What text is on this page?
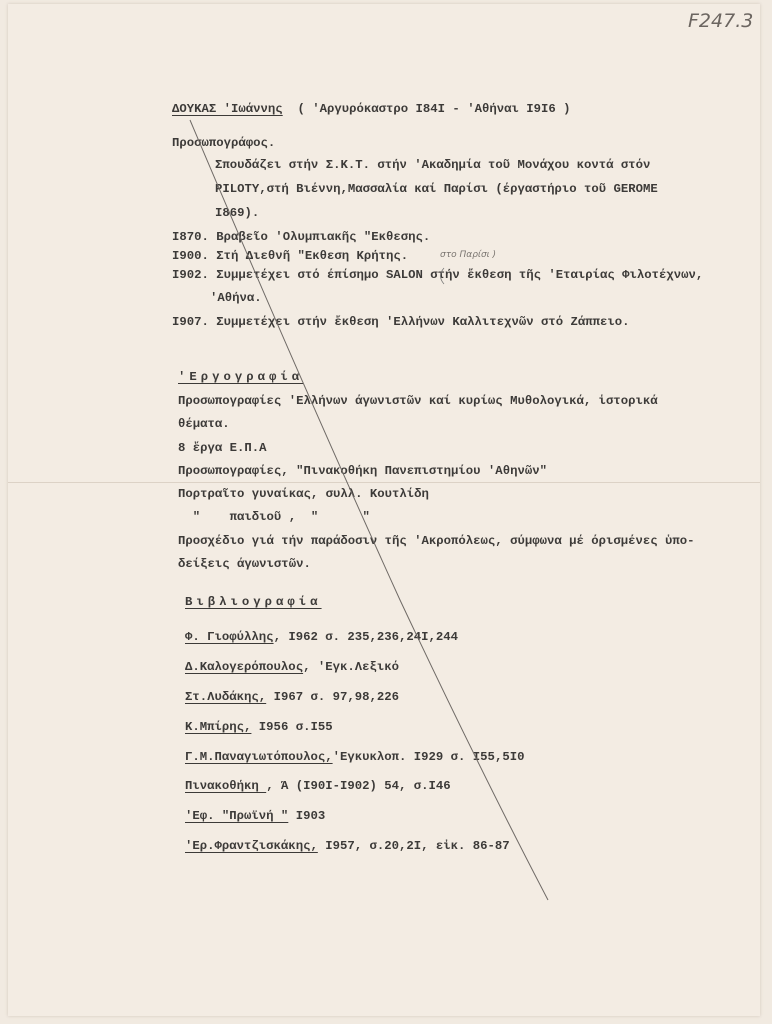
F247.3
ΔΟΥΚΑΣ 'Ιωάννης ( 'Αργυρόκαστρο I84I - 'Αθήναι I9I6 )
Προσωπογράφος.
Σπουδάζει στήν Σ.Κ.Τ. στήν 'Ακαδημία τοῦ Μονάχου κοντά στόν
PILOTY,στή Βιέννη,Μασσαλία καί Παρίσι (έργαστήριο τοῦ GEROME
I869).
I870. Βραβεῖο 'Ολυμπιακῆς "Εκθεσης.
I900. Στή Διεθνῆ "Εκθεση Κρήτης.
I902. Συμμετέχει στό έπίσημο SALON στήν ἔκθεση τῆς 'Εταιρίας Φιλοτέχνων,
'Αθήνα.
I907. Συμμετέχει στήν ἔκθεση 'Ελλήνων Καλλιτεχνῶν στό Ζάππειο.
στο Παρίσι )
'Εργογραφία
Προσωπογραφίες 'Ελλήνων άγωνιστῶν καί κυρίως Μυθολογικά, ἱστορικά
θέματα.
8 ἔργα Ε.Π.Α
Προσωπογραφίες, "Πινακοθήκη Πανεπιστημίου 'Αθηνῶν"
Πορτραῖτο γυναίκας, συλλ. Κουτλίδη
"    παιδιοῦ ,  "      "
Προσχέδιο γιά τήν παράδοσιν τῆς 'Ακροπόλεως, σύμφωνα μέ όρισμένες ὑπο-
δείξεις άγωνιστῶν.
Βιβλιογραφία
Φ. Γιοφύλλης, I962 σ. 235,236,24I,244
Δ.Καλογερόπουλος, 'Εγκ.Λεξικό
Στ.Λυδάκης, I967 σ. 97,98,226
Κ.Μπίρης, I956 σ.I55
Γ.Μ.Παναγιωτόπουλος,'Εγκυκλοπ. I929 σ. I55,5I0
Πινακοθήκη , Ά (I90I-I902) 54, σ.I46
'Εφ. "Πρωϊνή " I903
'Ερ.Φραντζισκάκης, I957, σ.20,2I, εἰκ. 86-87
